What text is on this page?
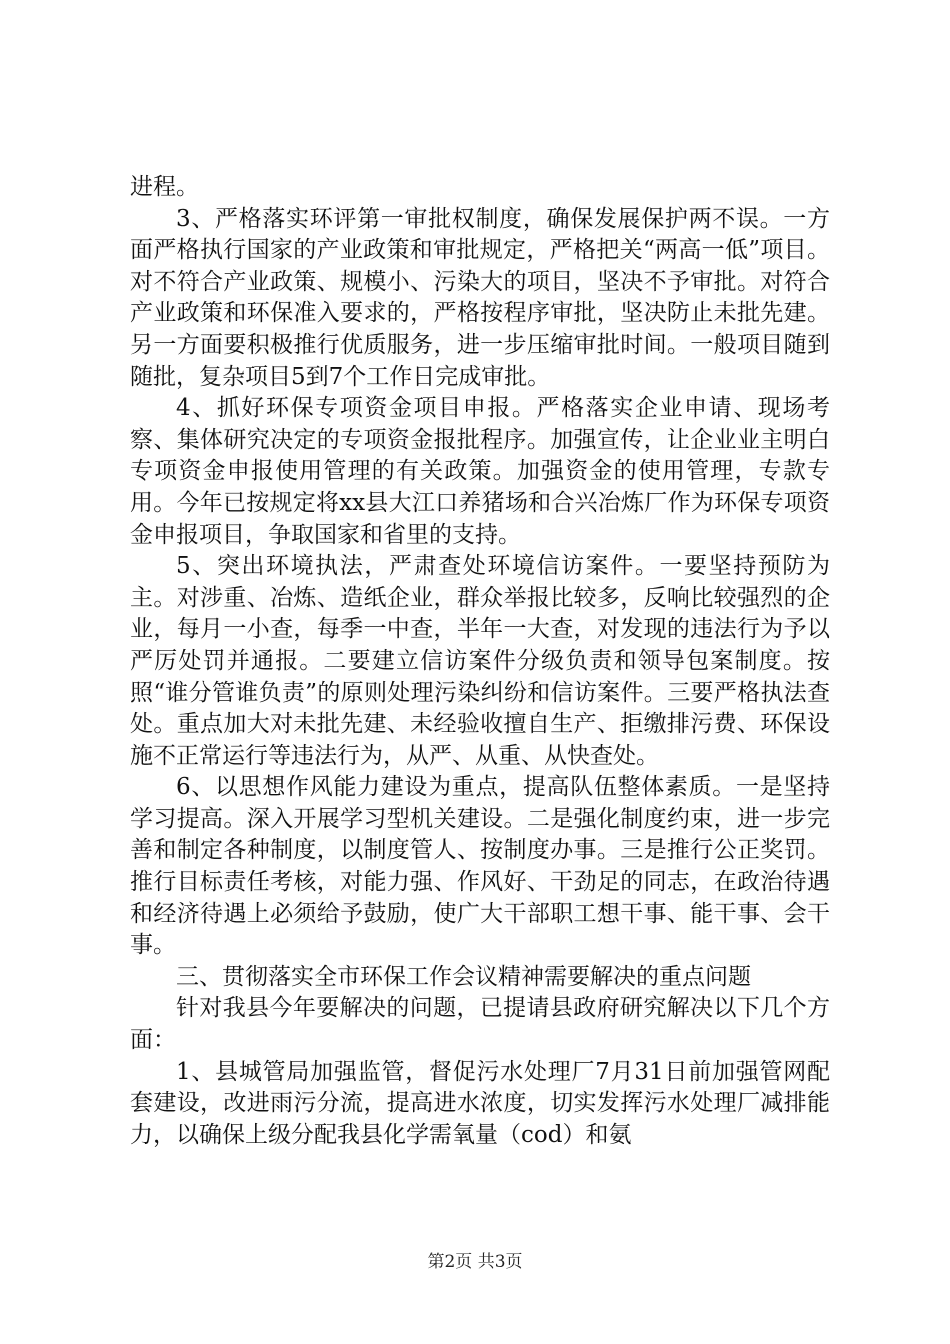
进程。

3、严格落实环评第一审批权制度，确保发展保护两不误。一方面严格执行国家的产业政策和审批规定，严格把关“两高一低”项目。对不符合产业政策、规模小、污染大的项目，坚决不予审批。对符合产业政策和环保准入要求的，严格按程序审批，坚决防止未批先建。另一方面要积极推行优质服务，进一步压缩审批时间。一般项目随到随批，复杂项目5到7个工作日完成审批。

4、抓好环保专项资金项目申报。严格落实企业申请、现场考察、集体研究决定的专项资金报批程序。加强宣传，让企业业主明白专项资金申报使用管理的有关政策。加强资金的使用管理，专款专用。今年已按规定将xx县大江口养猪场和合兴冶炼厂作为环保专项资金申报项目，争取国家和省里的支持。

5、突出环境执法，严肃查处环境信访案件。一要坚持预防为主。对涉重、冶炼、造纸企业，群众举报比较多，反响比较强烈的企业，每月一小查，每季一中查，半年一大查，对发现的违法行为予以严厉处罚并通报。二要建立信访案件分级负责和领导包案制度。按照“谁分管谁负责”的原则处理污染纠纷和信访案件。三要严格执法查处。重点加大对未批先建、未经验收擅自生产、拒缴排污费、环保设施不正常运行等违法行为，从严、从重、从快查处。

6、以思想作风能力建设为重点，提高队伍整体素质。一是坚持学习提高。深入开展学习型机关建设。二是强化制度约束，进一步完善和制定各种制度，以制度管人、按制度办事。三是推行公正奖罚。推行目标责任考核，对能力强、作风好、干劲足的同志，在政治待遇和经济待遇上必须给予鼓励，使广大干部职工想干事、能干事、会干事。

三、贯彻落实全市环保工作会议精神需要解决的重点问题

针对我县今年要解决的问题，已提请县政府研究解决以下几个方面：

1、县城管局加强监管，督促污水处理厂7月31日前加强管网配套建设，改进雨污分流，提高进水浓度，切实发挥污水处理厂减排能力，以确保上级分配我县化学需氧量（cod）和氨

第2页 共3页
